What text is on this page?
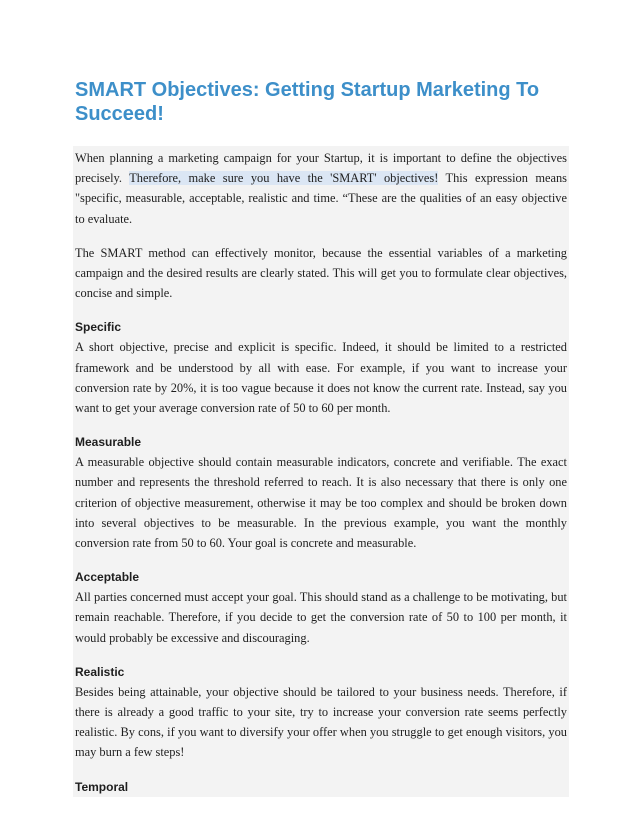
SMART Objectives: Getting Startup Marketing To Succeed!

When planning a marketing campaign for your Startup, it is important to define the objectives precisely. Therefore, make sure you have the 'SMART' objectives! This expression means "specific, measurable, acceptable, realistic and time. “These are the qualities of an easy objective to evaluate.

The SMART method can effectively monitor, because the essential variables of a marketing campaign and the desired results are clearly stated. This will get you to formulate clear objectives, concise and simple.

Specific

A short objective, precise and explicit is specific. Indeed, it should be limited to a restricted framework and be understood by all with ease. For example, if you want to increase your conversion rate by 20%, it is too vague because it does not know the current rate. Instead, say you want to get your average conversion rate of 50 to 60 per month.

Measurable

A measurable objective should contain measurable indicators, concrete and verifiable. The exact number and represents the threshold referred to reach. It is also necessary that there is only one criterion of objective measurement, otherwise it may be too complex and should be broken down into several objectives to be measurable. In the previous example, you want the monthly conversion rate from 50 to 60. Your goal is concrete and measurable.

Acceptable

All parties concerned must accept your goal. This should stand as a challenge to be motivating, but remain reachable. Therefore, if you decide to get the conversion rate of 50 to 100 per month, it would probably be excessive and discouraging.

Realistic

Besides being attainable, your objective should be tailored to your business needs. Therefore, if there is already a good traffic to your site, try to increase your conversion rate seems perfectly realistic. By cons, if you want to diversify your offer when you struggle to get enough visitors, you may burn a few steps!

Temporal
